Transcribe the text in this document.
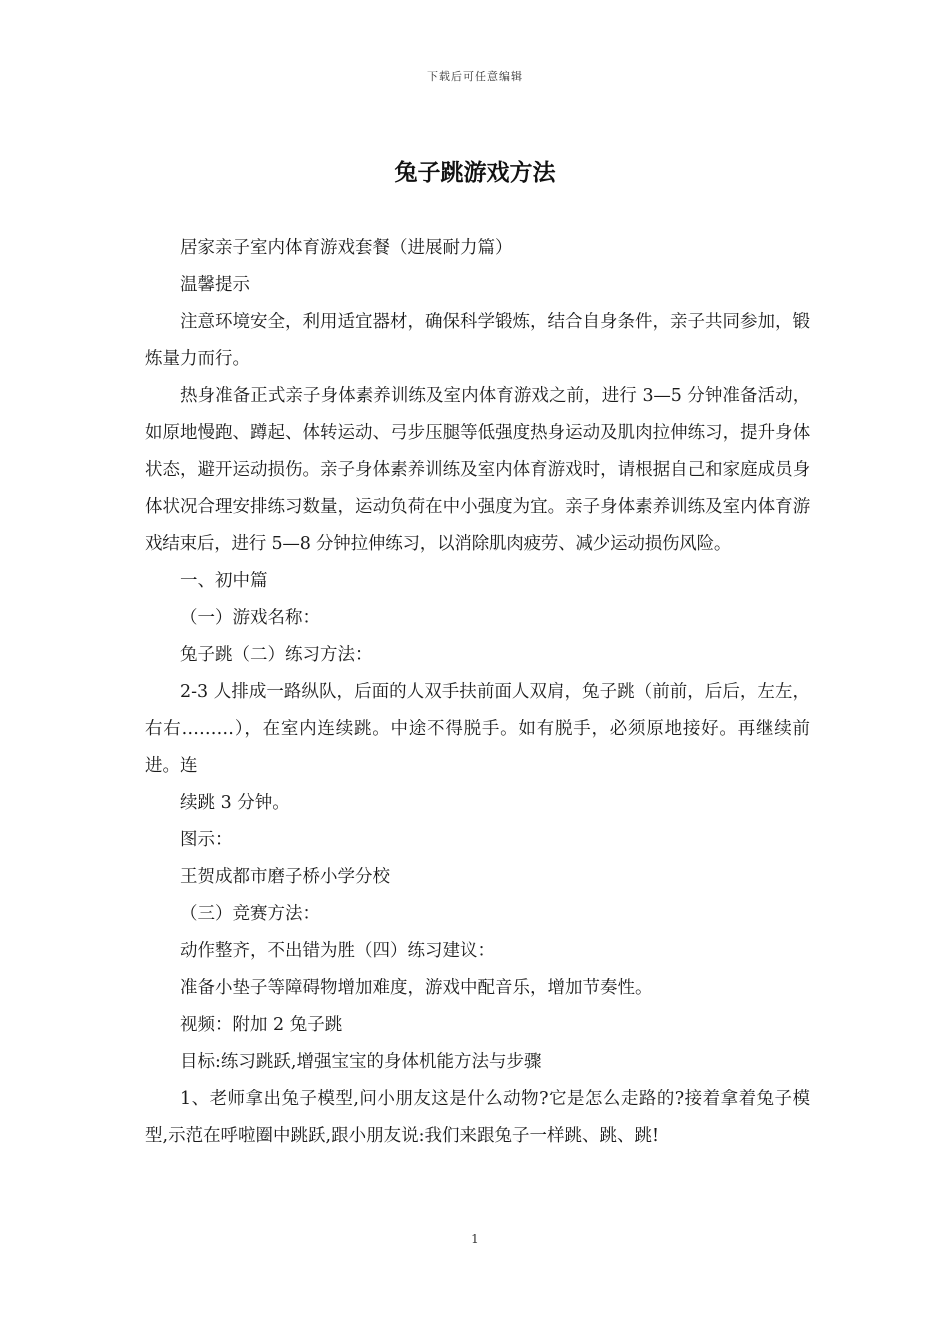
下载后可任意编辑
兔子跳游戏方法

居家亲子室内体育游戏套餐（进展耐力篇）

温馨提示

注意环境安全，利用适宜器材，确保科学锻炼，结合自身条件，亲子共同参加，锻炼量力而行。

热身准备正式亲子身体素养训练及室内体育游戏之前，进行 3—5 分钟准备活动，如原地慢跑、蹲起、体转运动、弓步压腿等低强度热身运动及肌肉拉伸练习，提升身体状态，避开运动损伤。亲子身体素养训练及室内体育游戏时，请根据自己和家庭成员身体状况合理安排练习数量，运动负荷在中小强度为宜。亲子身体素养训练及室内体育游戏结束后，进行 5—8 分钟拉伸练习，以消除肌肉疲劳、减少运动损伤风险。

一、初中篇

（一）游戏名称：

兔子跳（二）练习方法：

2-3 人排成一路纵队，后面的人双手扶前面人双肩，兔子跳（前前，后后，左左，右右………），在室内连续跳。中途不得脱手。如有脱手，必须原地接好。再继续前进。连

续跳 3 分钟。

图示：

王贺成都市磨子桥小学分校

（三）竞赛方法：

动作整齐，不出错为胜（四）练习建议：

准备小垫子等障碍物增加难度，游戏中配音乐，增加节奏性。

视频：附加 2 兔子跳

目标:练习跳跃,增强宝宝的身体机能方法与步骤

1、老师拿出兔子模型,问小朋友这是什么动物?它是怎么走路的?接着拿着兔子模型,示范在呼啦圈中跳跃,跟小朋友说:我们来跟兔子一样跳、跳、跳!

1
